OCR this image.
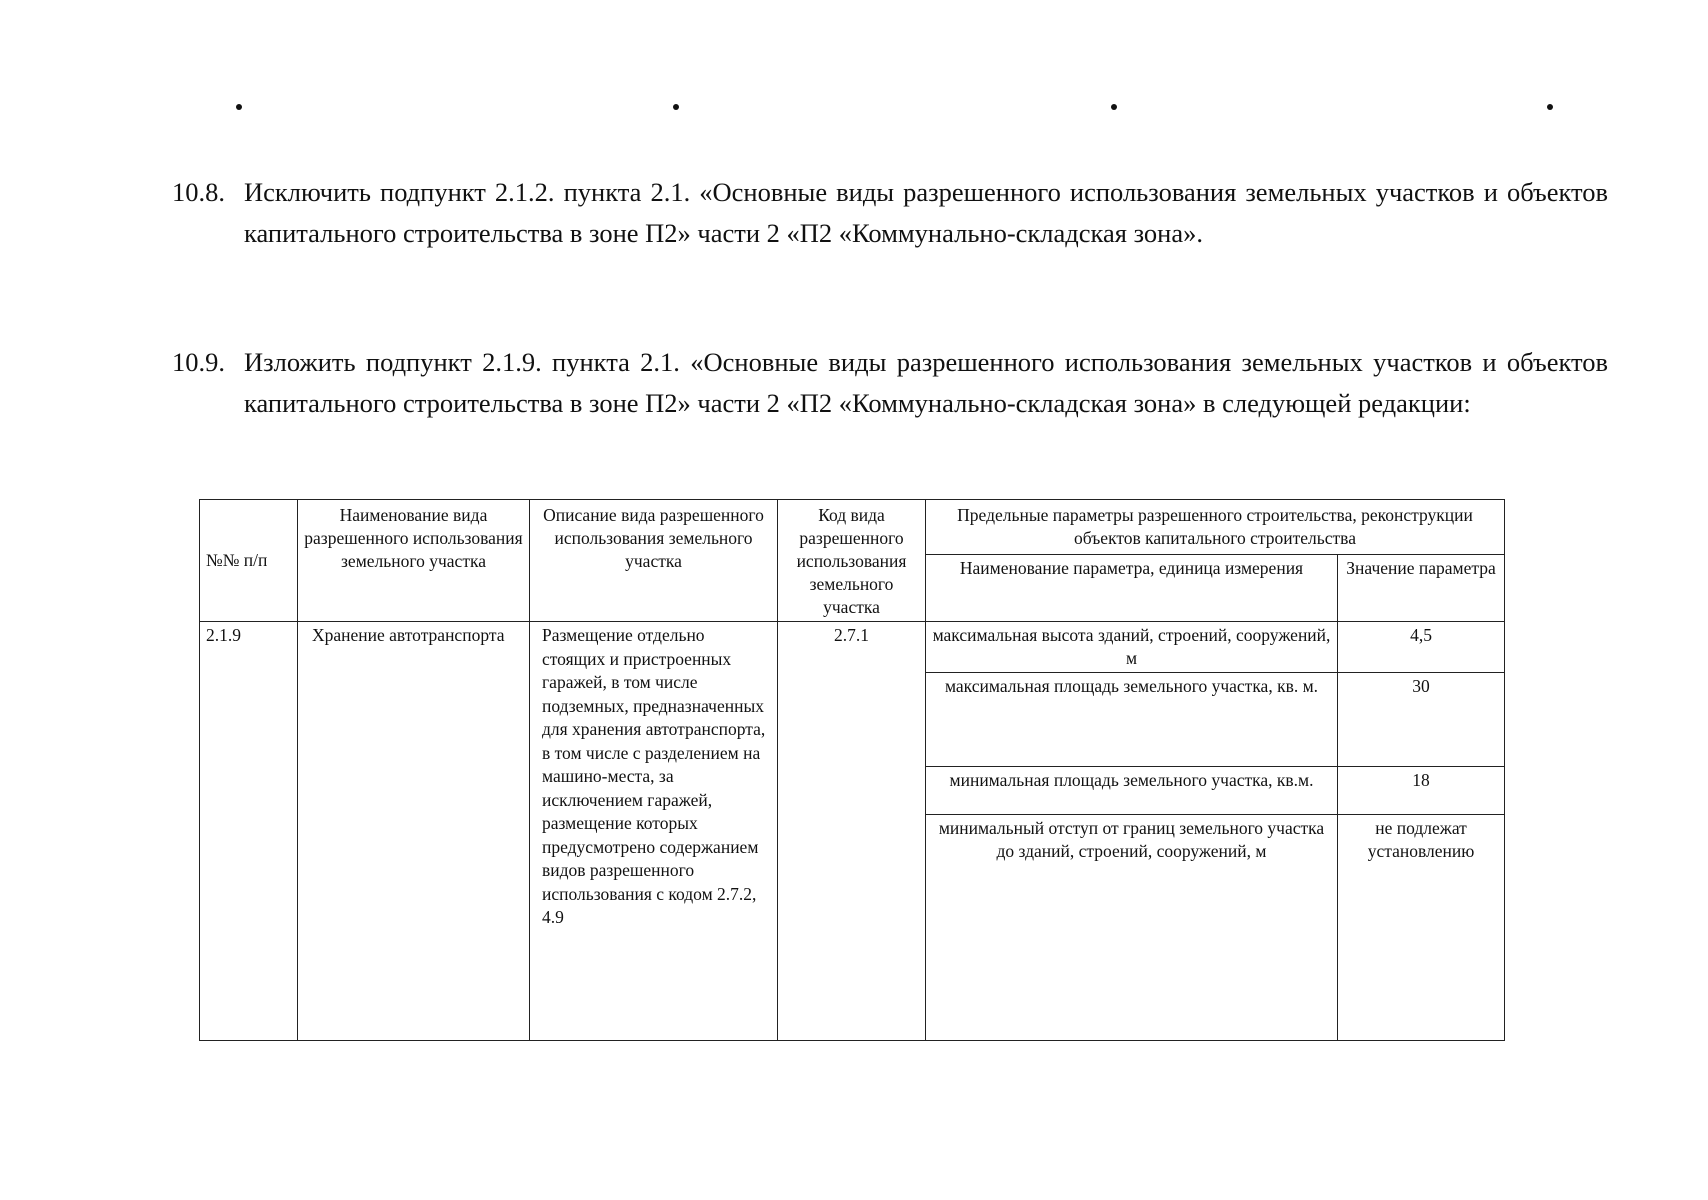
10.8. Исключить подпункт 2.1.2. пункта 2.1. «Основные виды разрешенного использования земельных участков и объектов капитального строительства в зоне П2» части 2 «П2 «Коммунально-складская зона».
10.9. Изложить подпункт 2.1.9. пункта 2.1. «Основные виды разрешенного использования земельных участков и объектов капитального строительства в зоне П2» части 2 «П2 «Коммунально-складская зона» в следующей редакции:
№№ п/п	Наименование вида разрешенного использования земельного участка	Описание вида разрешенного использования земельного участка	Код вида разрешенного использования земельного участка	Предельные параметры разрешенного строительства, реконструкции объектов капитального строительства	
				Наименование параметра, единица измерения	Значение параметра
2.1.9	Хранение автотранспорта	Размещение отдельно стоящих и пристроенных гаражей, в том числе подземных, предназначенных для хранения автотранспорта, в том числе с разделением на машино-места, за исключением гаражей, размещение которых предусмотрено содержанием видов разрешенного использования с кодом 2.7.2, 4.9	2.7.1	максимальная высота зданий, строений, сооружений, м	4,5
				максимальная площадь земельного участка, кв. м.	30
				минимальная площадь земельного участка, кв.м.	18
				минимальный отступ от границ земельного участка до зданий, строений, сооружений, м	не подлежат установлению
